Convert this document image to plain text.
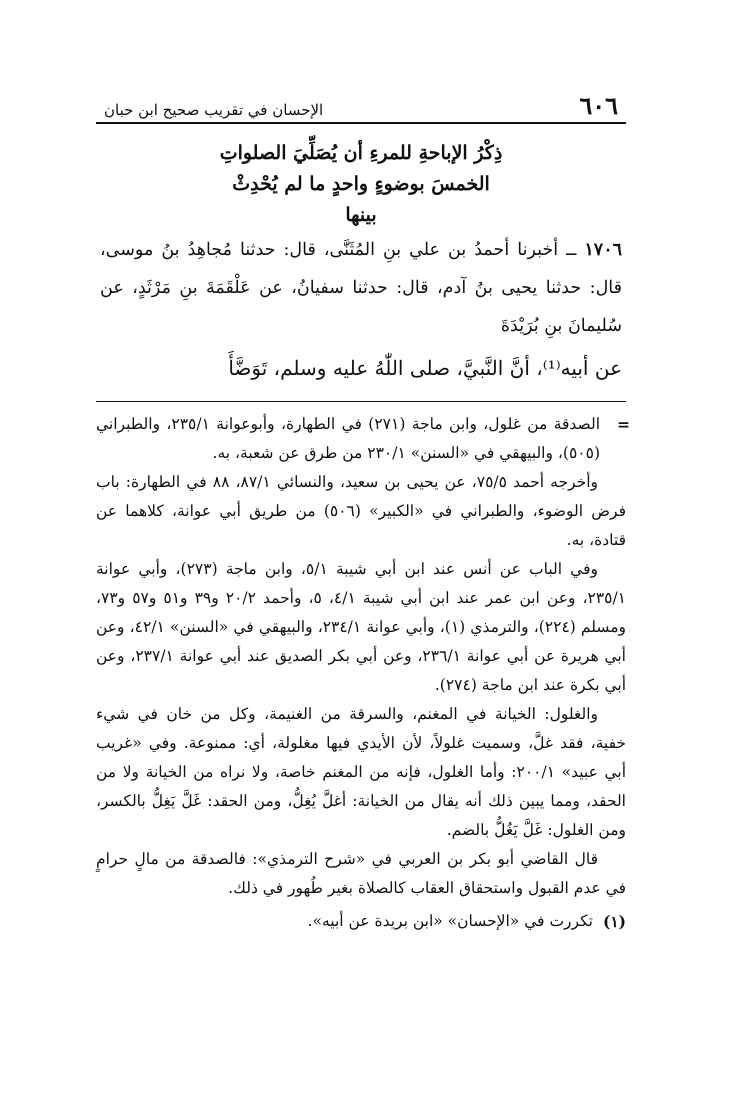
٦٠٦
الإحسان في تقريب صحيح ابن حبان
ذِكْرُ الإباحةِ للمرءِ أن يُصَلِّيَ الصلواتِ
الخمسَ بوضوءٍ واحدٍ ما لم يُحْدِثْ
بينها
١٧٠٦ ــ أخبرنا أحمدُ بن علي بنِ المُثَنَّى، قال: حدثنا مُجاهِدُ بنُ موسى، قال: حدثنا يحيى بنُ آدم، قال: حدثنا سفيانُ، عن عَلْقَمَةَ بنِ مَرْثَدٍ، عن سُليمانَ بنِ بُرَيْدَةَ
عن أبيه⁽¹⁾، أنَّ النَّبيَّ، صلى اللّٰهُ عليه وسلم، تَوَضَّأَ

=
الصدقة من غلول، وابن ماجة (٢٧١) في الطهارة، وأبوعوانة ٢٣٥/١، والطبراني (٥٠٥)، والبيهقي في «السنن» ٢٣٠/١ من طرق عن شعبة، به.

وأخرجه أحمد ٧٥/٥، عن يحيى بن سعيد، والنسائي ٨٧/١، ٨٨ في الطهارة: باب فرض الوضوء، والطبراني في «الكبير» (٥٠٦) من طريق أبي عوانة، كلاهما عن قتادة، به.

وفي الباب عن أنس عند ابن أبي شيبة ٥/١، وابن ماجة (٢٧٣)، وأبي عوانة ٢٣٥/١، وعن ابن عمر عند ابن أبي شيبة ٤/١، ٥، وأحمد ٢٠/٢ و٣٩ و٥١ و٥٧ و٧٣، ومسلم (٢٢٤)، والترمذي (١)، وأبي عوانة ٢٣٤/١، والبيهقي في «السنن» ٤٢/١، وعن أبي هريرة عن أبي عوانة ٢٣٦/١، وعن أبي بكر الصديق عند أبي عوانة ٢٣٧/١، وعن أبي بكرة عند ابن ماجة (٢٧٤).

والغلول: الخيانة في المغنم، والسرقة من الغنيمة، وكل من خان في شيء خفية، فقد غلَّ، وسميت غلولاً، لأن الأيدي فيها مغلولة، أي: ممنوعة. وفي «غريب أبي عبيد» ٢٠٠/١: وأما الغلول، فإنه من المغنم خاصة، ولا نراه من الخيانة ولا من الحقد، ومما يبين ذلك أنه يقال من الخيانة: أغلَّ يُغِلُّ، ومن الحقد: غَلَّ يَغِلُّ بالكسر، ومن الغلول: غَلَّ يَغُلُّ بالضم.

قال القاضي أبو بكر بن العربي في «شرح الترمذي»: فالصدقة من مالٍ حرامٍ في عدم القبول واستحقاق العقاب كالصلاة بغير طُهور في ذلك.

(١)
تكررت في «الإحسان» «ابن بريدة عن أبيه».
